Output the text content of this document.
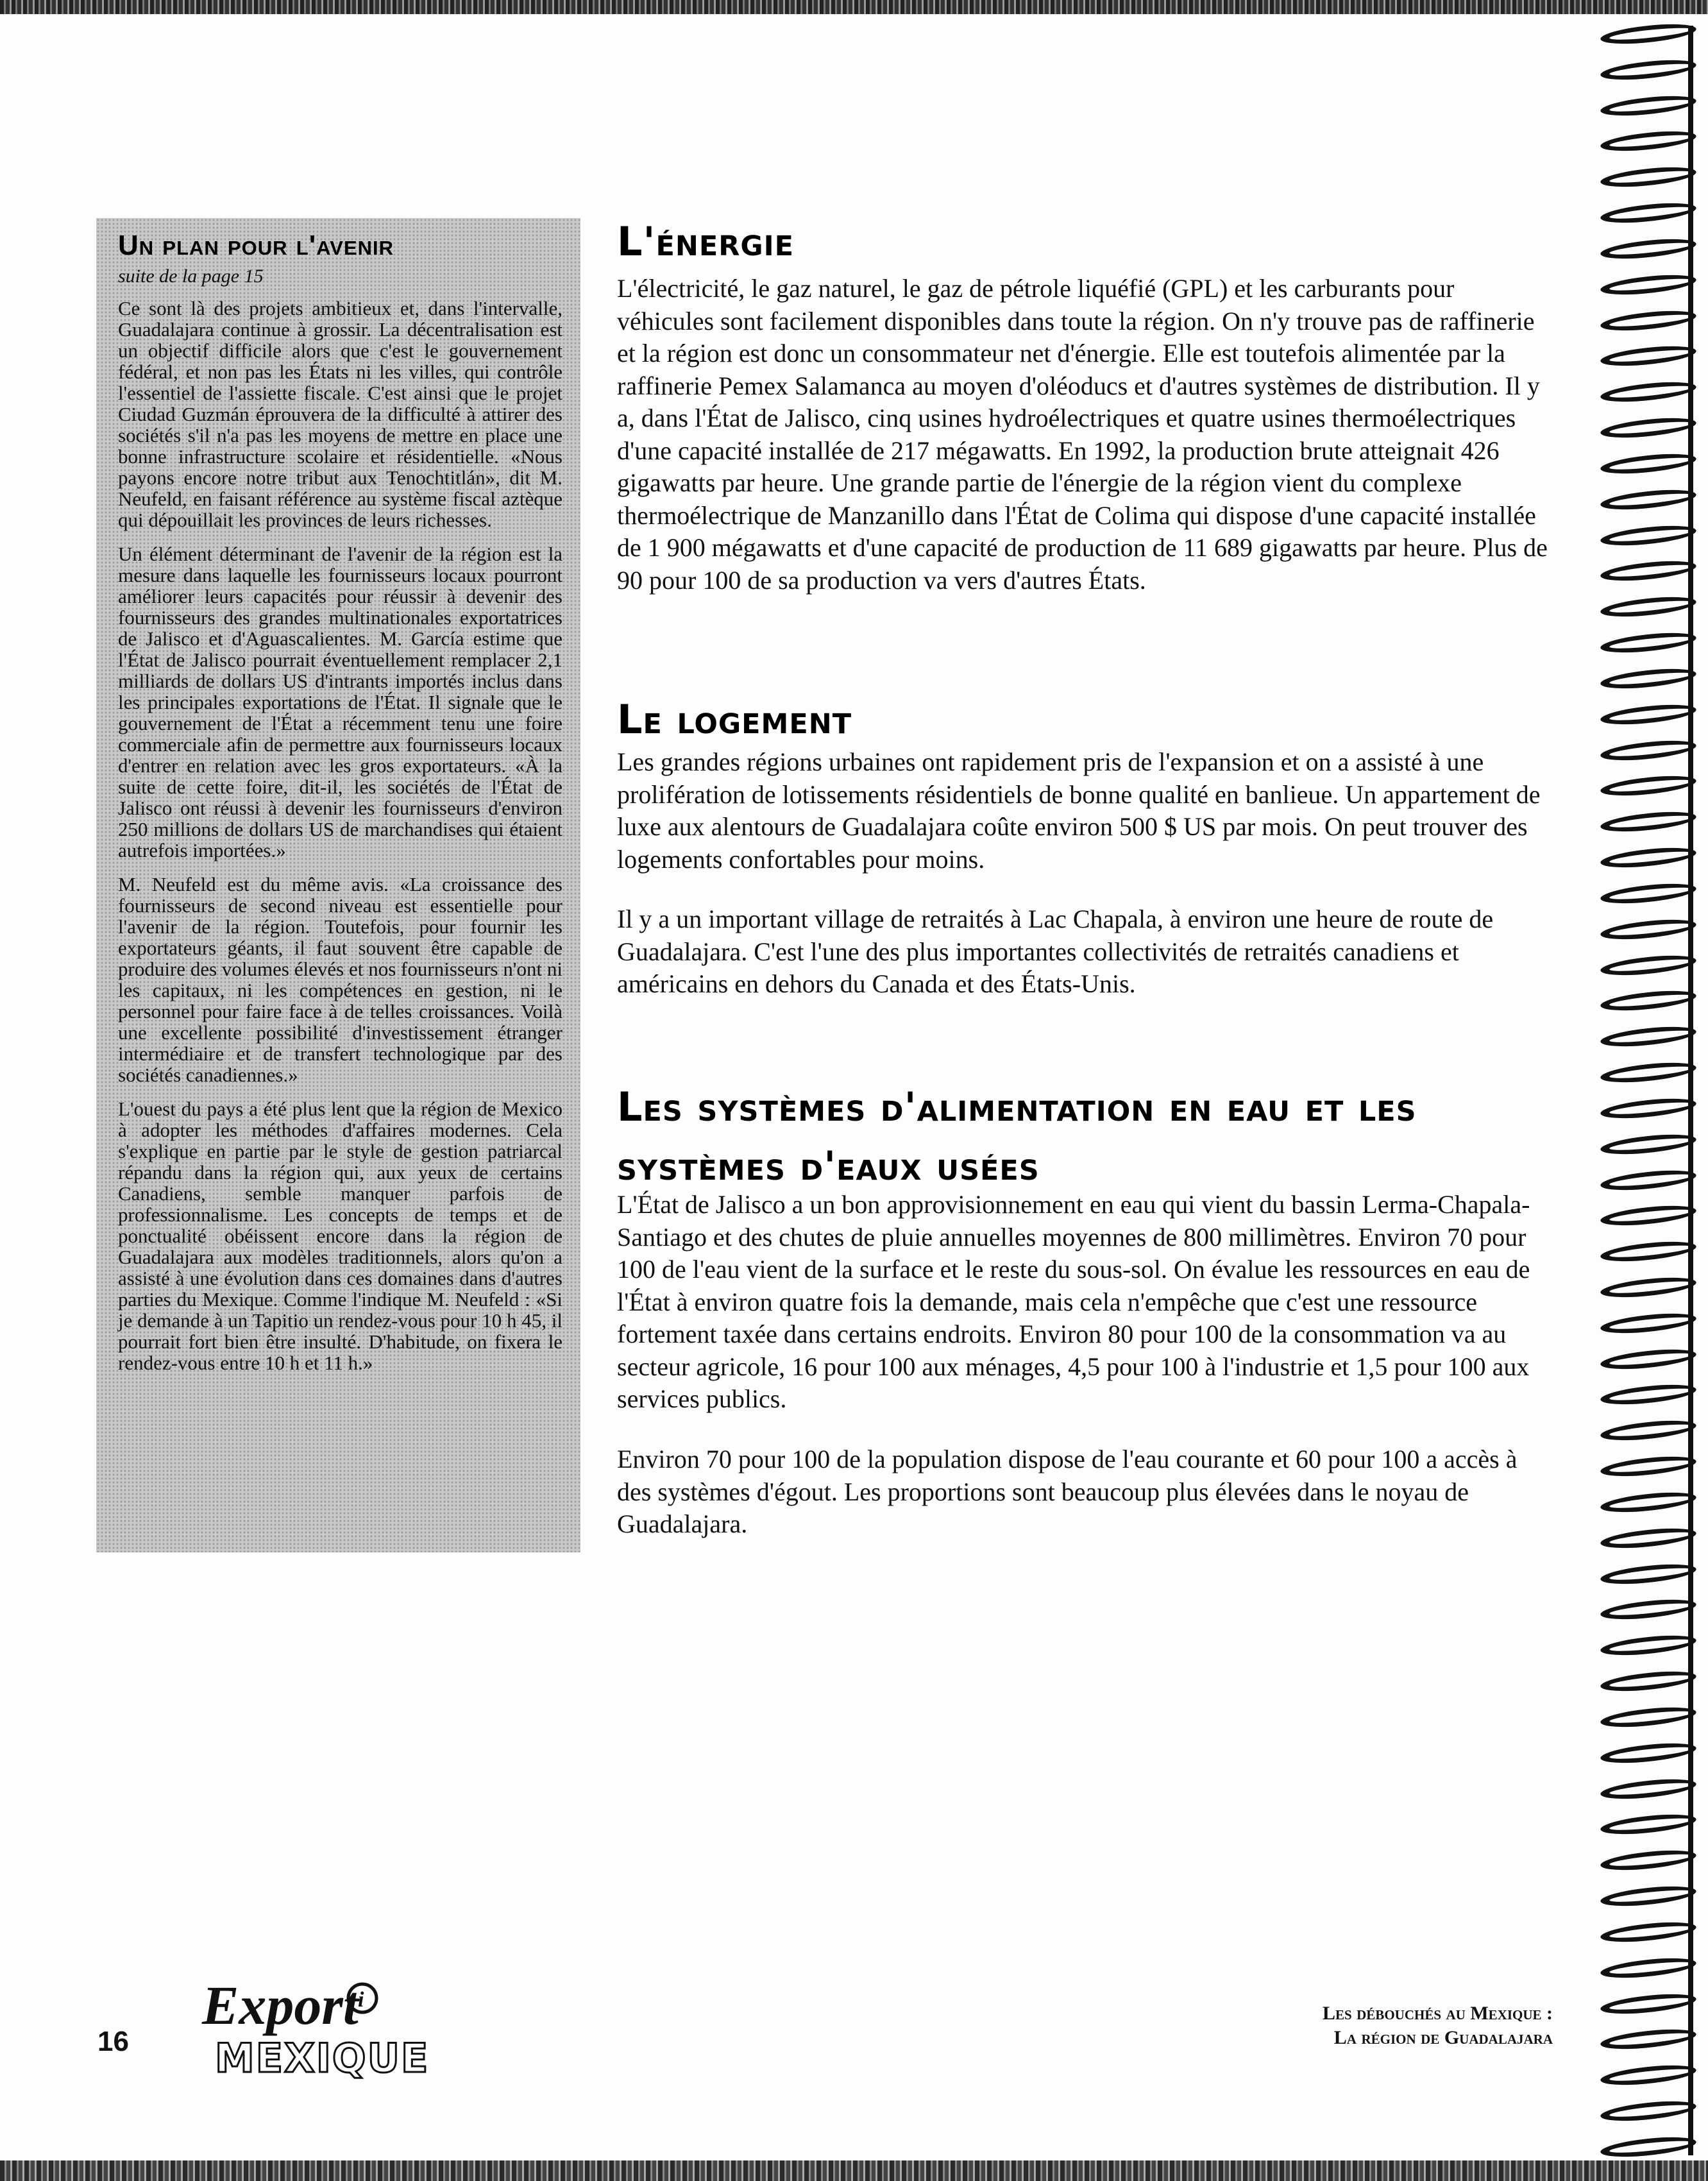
Un plan pour l'avenir

suite de la page 15

Ce sont là des projets ambitieux et, dans l'intervalle, Guadalajara continue à grossir. La décentralisation est un objectif difficile alors que c'est le gouvernement fédéral, et non pas les États ni les villes, qui contrôle l'essentiel de l'assiette fiscale. C'est ainsi que le projet Ciudad Guzmán éprouvera de la difficulté à attirer des sociétés s'il n'a pas les moyens de mettre en place une bonne infrastructure scolaire et résidentielle. «Nous payons encore notre tribut aux Tenochtitlán», dit M. Neufeld, en faisant référence au système fiscal aztèque qui dépouillait les provinces de leurs richesses.

Un élément déterminant de l'avenir de la région est la mesure dans laquelle les fournisseurs locaux pourront améliorer leurs capacités pour réussir à devenir des fournisseurs des grandes multinationales exportatrices de Jalisco et d'Aguascalientes. M. García estime que l'État de Jalisco pourrait éventuellement remplacer 2,1 milliards de dollars US d'intrants importés inclus dans les principales exportations de l'État. Il signale que le gouvernement de l'État a récemment tenu une foire commerciale afin de permettre aux fournisseurs locaux d'entrer en relation avec les gros exportateurs. «À la suite de cette foire, dit-il, les sociétés de l'État de Jalisco ont réussi à devenir les fournisseurs d'environ 250 millions de dollars US de marchandises qui étaient autrefois importées.»

M. Neufeld est du même avis. «La croissance des fournisseurs de second niveau est essentielle pour l'avenir de la région. Toutefois, pour fournir les exportateurs géants, il faut souvent être capable de produire des volumes élevés et nos fournisseurs n'ont ni les capitaux, ni les compétences en gestion, ni le personnel pour faire face à de telles croissances. Voilà une excellente possibilité d'investissement étranger intermédiaire et de transfert technologique par des sociétés canadiennes.»

L'ouest du pays a été plus lent que la région de Mexico à adopter les méthodes d'affaires modernes. Cela s'explique en partie par le style de gestion patriarcal répandu dans la région qui, aux yeux de certains Canadiens, semble manquer parfois de professionnalisme. Les concepts de temps et de ponctualité obéissent encore dans la région de Guadalajara aux modèles traditionnels, alors qu'on a assisté à une évolution dans ces domaines dans d'autres parties du Mexique. Comme l'indique M. Neufeld : «Si je demande à un Tapitio un rendez-vous pour 10 h 45, il pourrait fort bien être insulté. D'habitude, on fixera le rendez-vous entre 10 h et 11 h.»

L'énergie

L'électricité, le gaz naturel, le gaz de pétrole liquéfié (GPL) et les carburants pour véhicules sont facilement disponibles dans toute la région. On n'y trouve pas de raffinerie et la région est donc un consommateur net d'énergie. Elle est toutefois alimentée par la raffinerie Pemex Salamanca au moyen d'oléoducs et d'autres systèmes de distribution. Il y a, dans l'État de Jalisco, cinq usines hydroélectriques et quatre usines thermoélectriques d'une capacité installée de 217 mégawatts. En 1992, la production brute atteignait 426 gigawatts par heure. Une grande partie de l'énergie de la région vient du complexe thermoélectrique de Manzanillo dans l'État de Colima qui dispose d'une capacité installée de 1 900 mégawatts et d'une capacité de production de 11 689 gigawatts par heure. Plus de 90 pour 100 de sa production va vers d'autres États.

Le logement

Les grandes régions urbaines ont rapidement pris de l'expansion et on a assisté à une prolifération de lotissements résidentiels de bonne qualité en banlieue. Un appartement de luxe aux alentours de Guadalajara coûte environ 500 $ US par mois. On peut trouver des logements confortables pour moins.

Il y a un important village de retraités à Lac Chapala, à environ une heure de route de Guadalajara. C'est l'une des plus importantes collectivités de retraités canadiens et américains en dehors du Canada et des États-Unis.

Les systèmes d'alimentation en eau et les systèmes d'eaux usées

L'État de Jalisco a un bon approvisionnement en eau qui vient du bassin Lerma-Chapala-Santiago et des chutes de pluie annuelles moyennes de 800 millimètres. Environ 70 pour 100 de l'eau vient de la surface et le reste du sous-sol. On évalue les ressources en eau de l'État à environ quatre fois la demande, mais cela n'empêche que c'est une ressource fortement taxée dans certains endroits. Environ 80 pour 100 de la consommation va au secteur agricole, 16 pour 100 aux ménages, 4,5 pour 100 à l'industrie et 1,5 pour 100 aux services publics.

Environ 70 pour 100 de la population dispose de l'eau courante et 60 pour 100 a accès à des systèmes d'égout. Les proportions sont beaucoup plus élevées dans le noyau de Guadalajara.

16
Export i
MEXIQUE
Les débouchés au Mexique :
La région de Guadalajara
